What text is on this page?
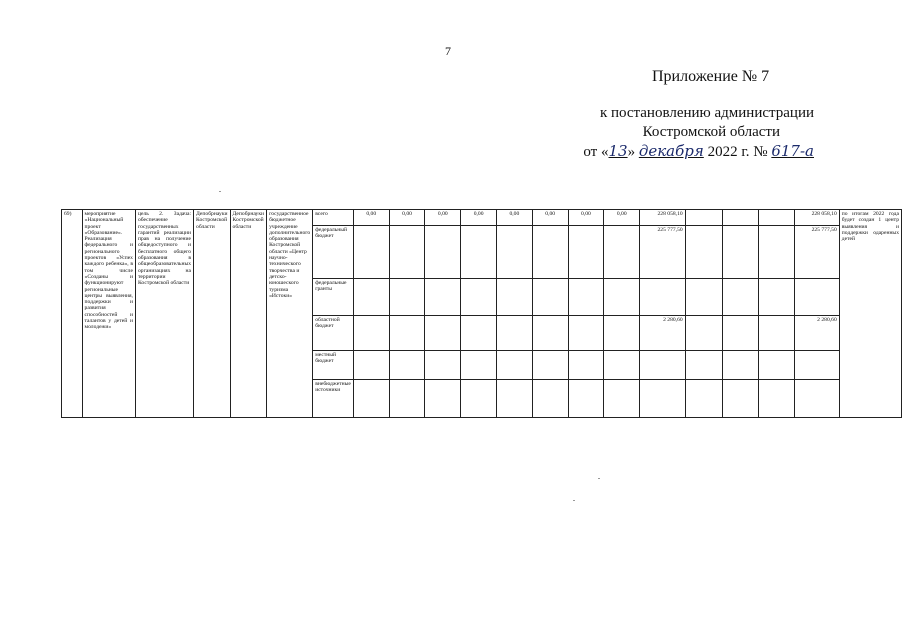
7
Приложение № 7
к постановлению администрации
Костромской области
от «13» декабря 2022 г. № 617-а
69)	мероприятие «Национальный проект «Образование». Реализация федерального и регионального проектов «Успех каждого ребенка», в том числе «Созданы и функционируют региональные центры выявления, поддержки и развития способностей и талантов у детей и молодежи»	цель 2. Задача: обеспечение государственных гарантий реализации прав на получение общедоступного и бесплатного общего образования в общеобразовательных организациях на территории Костромской области	Депобрнауки Костромской области	Депобрнауки Костромской области	государственное бюджетное учреждение дополнительного образования Костромской области «Центр научно-технического творчества и детско-юношеского туризма «Истоки»	всего	0,00	0,00	0,00	0,00	0,00	0,00	0,00	0,00	228 058,10				228 058,10	по итогам 2022 года будет создан 1 центр выявления и поддержки одаренных детей
						федеральный бюджет									225 777,50				225 777,50	
						федеральные гранты														
						областной бюджет									2 280,60				2 280,60	
						местный бюджет														
						внебюджетные источники														
